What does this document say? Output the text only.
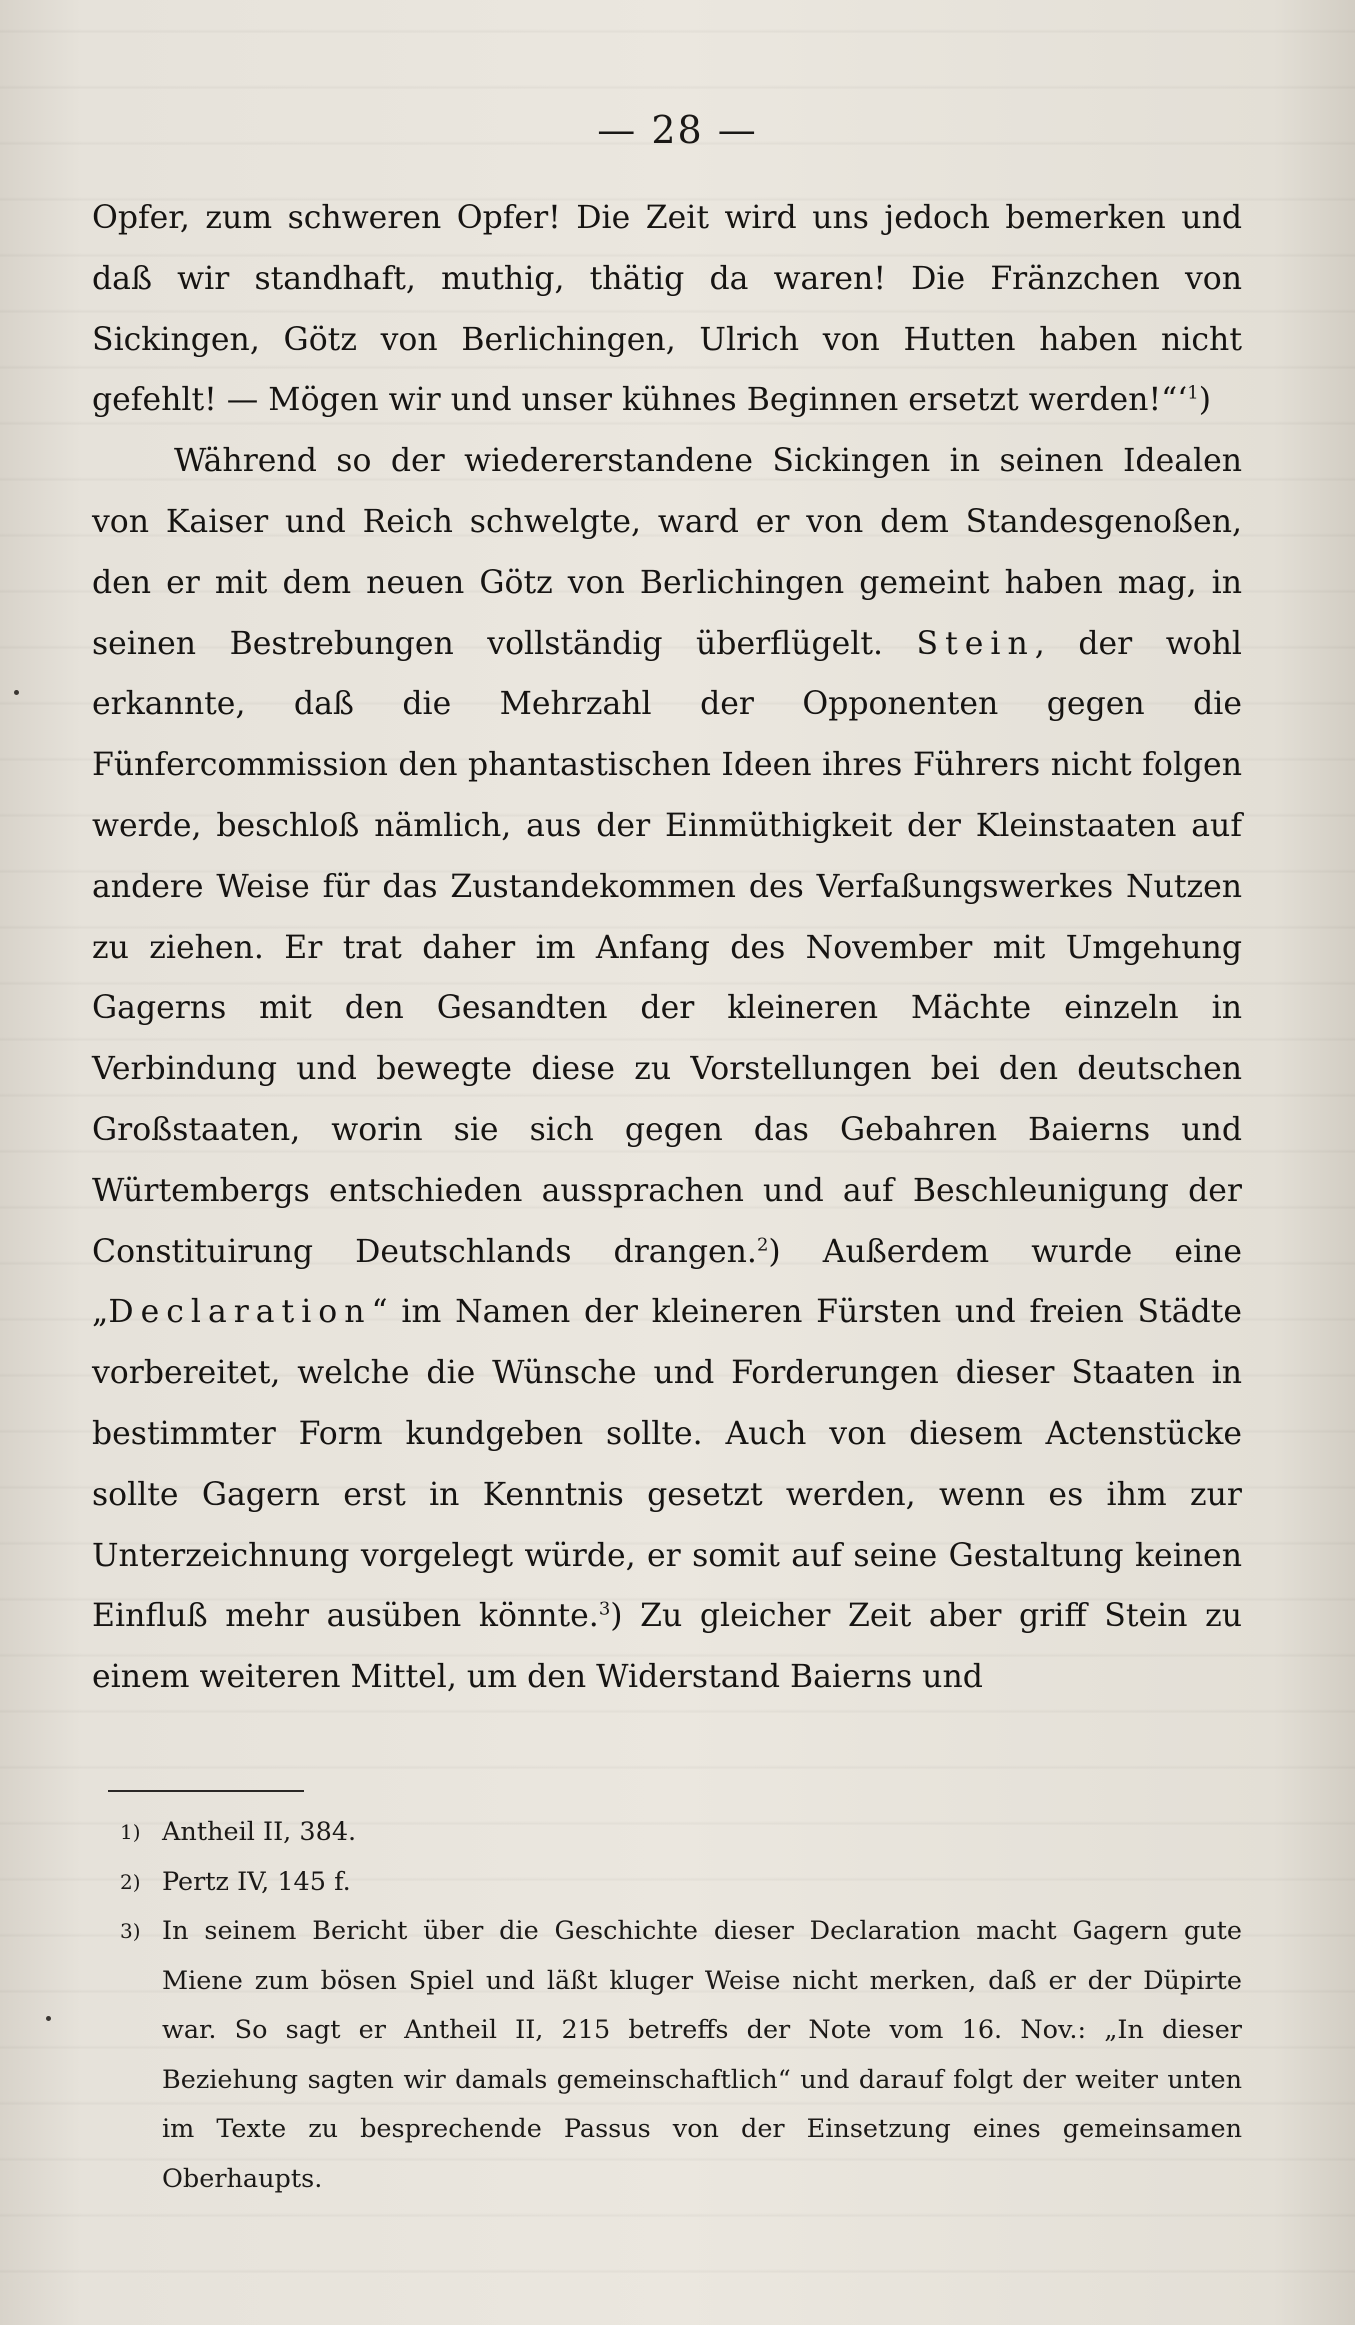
— 28 —

Opfer, zum schweren Opfer! Die Zeit wird uns jedoch bemerken und daß wir standhaft, muthig, thätig da waren! Die Fränzchen von Sickingen, Götz von Berlichingen, Ulrich von Hutten haben nicht gefehlt! — Mögen wir und unser kühnes Beginnen ersetzt werden!“‘$^1$)

Während so der wiedererstandene Sickingen in seinen Idealen von Kaiser und Reich schwelgte, ward er von dem Standesgenoßen, den er mit dem neuen Götz von Berlichingen gemeint haben mag, in seinen Bestrebungen vollständig überflügelt. Stein, der wohl erkannte, daß die Mehrzahl der Opponenten gegen die Fünfercommission den phantastischen Ideen ihres Führers nicht folgen werde, beschloß nämlich, aus der Einmüthigkeit der Kleinstaaten auf andere Weise für das Zustandekommen des Verfaßungswerkes Nutzen zu ziehen. Er trat daher im Anfang des November mit Umgehung Gagerns mit den Gesandten der kleineren Mächte einzeln in Verbindung und bewegte diese zu Vorstellungen bei den deutschen Großstaaten, worin sie sich gegen das Gebahren Baierns und Würtembergs entschieden aussprachen und auf Beschleunigung der Constituirung Deutschlands drangen.$^2$) Außerdem wurde eine „Declaration“ im Namen der kleineren Fürsten und freien Städte vorbereitet, welche die Wünsche und Forderungen dieser Staaten in bestimmter Form kundgeben sollte. Auch von diesem Actenstücke sollte Gagern erst in Kenntnis gesetzt werden, wenn es ihm zur Unterzeichnung vorgelegt würde, er somit auf seine Gestaltung keinen Einfluß mehr ausüben könnte.$^3$) Zu gleicher Zeit aber griff Stein zu einem weiteren Mittel, um den Widerstand Baierns und

1) Antheil II, 384.
2) Pertz IV, 145 f.
3) In seinem Bericht über die Geschichte dieser Declaration macht Gagern gute Miene zum bösen Spiel und läßt kluger Weise nicht merken, daß er der Düpirte war. So sagt er Antheil II, 215 betreffs der Note vom 16. Nov.: „In dieser Beziehung sagten wir damals gemeinschaftlich“ und darauf folgt der weiter unten im Texte zu besprechende Passus von der Einsetzung eines gemeinsamen Oberhaupts.
